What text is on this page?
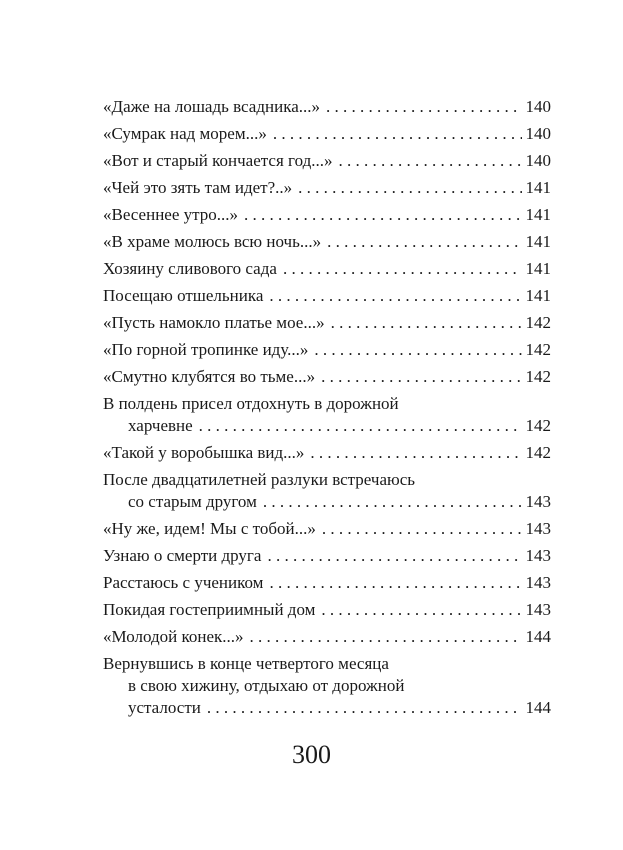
«Даже на лошадь всадника...» . . .	140
«Сумрак над морем...» . . .	140
«Вот и старый кончается год...» . . .	140
«Чей это зять там идет?..» . . .	141
«Весеннее утро...» . . .	141
«В храме молюсь всю ночь...» . . .	141
Хозяину сливового сада . . .	141
Посещаю отшельника . . .	141
«Пусть намокло платье мое...» . . .	142
«По горной тропинке иду...» . . .	142
«Смутно клубятся во тьме...» . . .	142
В полдень присел отдохнуть в дорожной
харчевне . . .	142
«Такой у воробышка вид...» . . .	142
После двадцатилетней разлуки встречаюсь
со старым другом . . .	143
«Ну же, идем! Мы с тобой...» . . .	143
Узнаю о смерти друга . . .	143
Расстаюсь с учеником . . .	143
Покидая гостеприимный дом . . .	143
«Молодой конек...» . . .	144
Вернувшись в конце четвертого месяца
в свою хижину, отдыхаю от дорожной
усталости . . .	144
300
